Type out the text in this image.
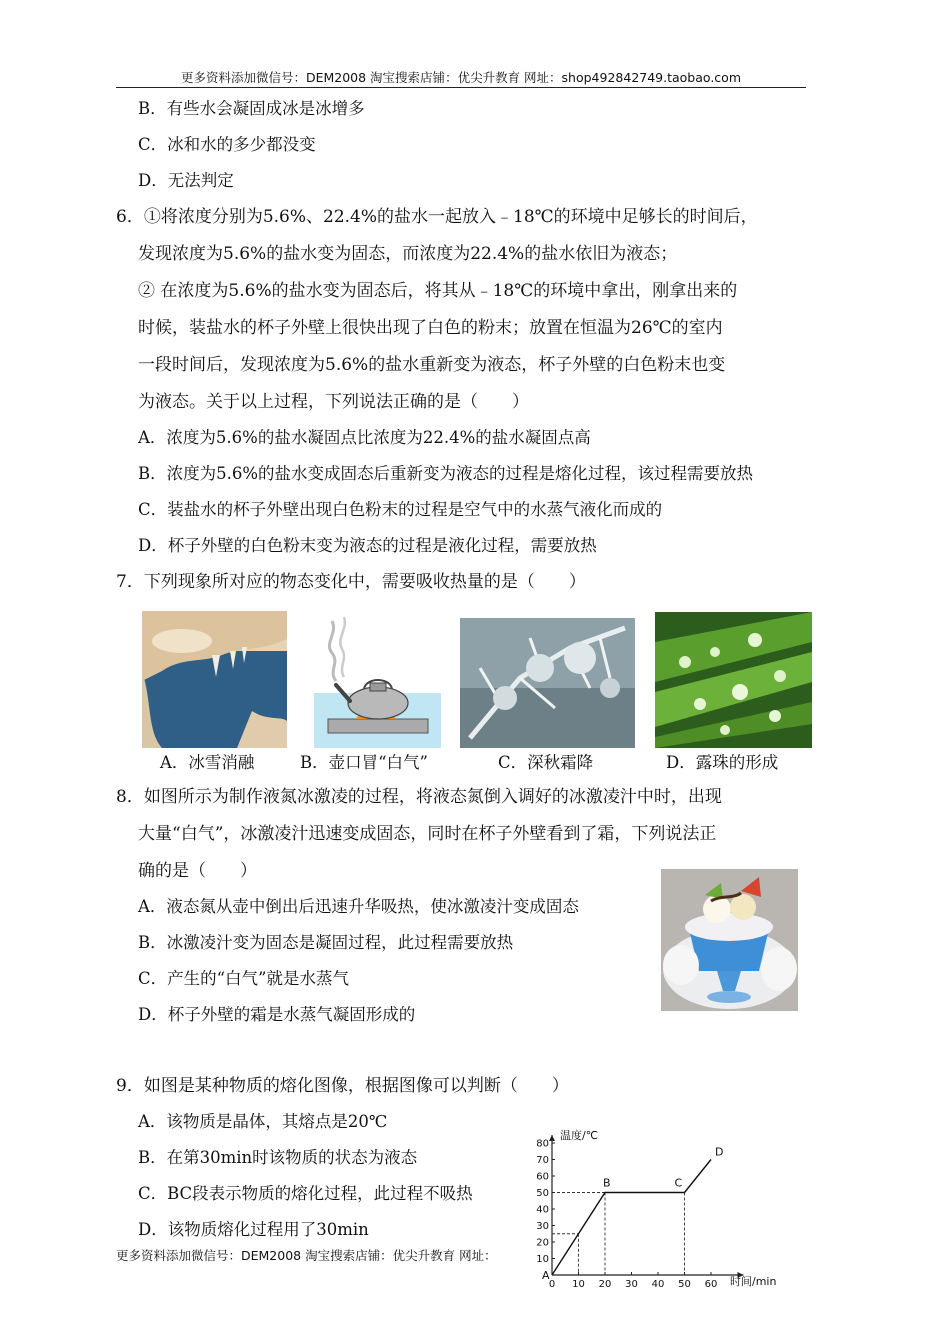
更多资料添加微信号：DEM2008 淘宝搜索店铺：优尖升教育 网址：shop492842749.taobao.com
B．有些水会凝固成冰是冰增多
C．冰和水的多少都没变
D．无法判定
6．①将浓度分别为5.6%、22.4%的盐水一起放入﹣18℃的环境中足够长的时间后，
发现浓度为5.6%的盐水变为固态，而浓度为22.4%的盐水依旧为液态；
② 在浓度为5.6%的盐水变为固态后，将其从﹣18℃的环境中拿出，刚拿出来的
时候，装盐水的杯子外壁上很快出现了白色的粉末；放置在恒温为26℃的室内
一段时间后，发现浓度为5.6%的盐水重新变为液态，杯子外壁的白色粉末也变
为液态。关于以上过程，下列说法正确的是（　　）
A．浓度为5.6%的盐水凝固点比浓度为22.4%的盐水凝固点高
B．浓度为5.6%的盐水变成固态后重新变为液态的过程是熔化过程，该过程需要放热
C．装盐水的杯子外壁出现白色粉末的过程是空气中的水蒸气液化而成的
D．杯子外壁的白色粉末变为液态的过程是液化过程，需要放热
7．下列现象所对应的物态变化中，需要吸收热量的是（　　）
A．冰雪消融	B．壶口冒“白气”	C．深秋霜降	D．露珠的形成
8．如图所示为制作液氮冰激凌的过程，将液态氮倒入调好的冰激凌汁中时，出现
大量“白气”，冰激凌汁迅速变成固态，同时在杯子外壁看到了霜，下列说法正
确的是（　　）
A．液态氮从壶中倒出后迅速升华吸热，使冰激凌汁变成固态
B．冰激凌汁变为固态是凝固过程，此过程需要放热
C．产生的“白气”就是水蒸气
D．杯子外壁的霜是水蒸气凝固形成的
9．如图是某种物质的熔化图像，根据图像可以判断（　　）
A．该物质是晶体，其熔点是20℃
B．在第30min时该物质的状态为液态
C．BC段表示物质的熔化过程，此过程不吸热
D．该物质熔化过程用了30min
更多资料添加微信号：DEM2008 淘宝搜索店铺：优尖升教育 网址：
0 10 20 30 40 50 60
10
20
30
40
50
60
70
80
A
B	C
D
温度/℃
时间/min
